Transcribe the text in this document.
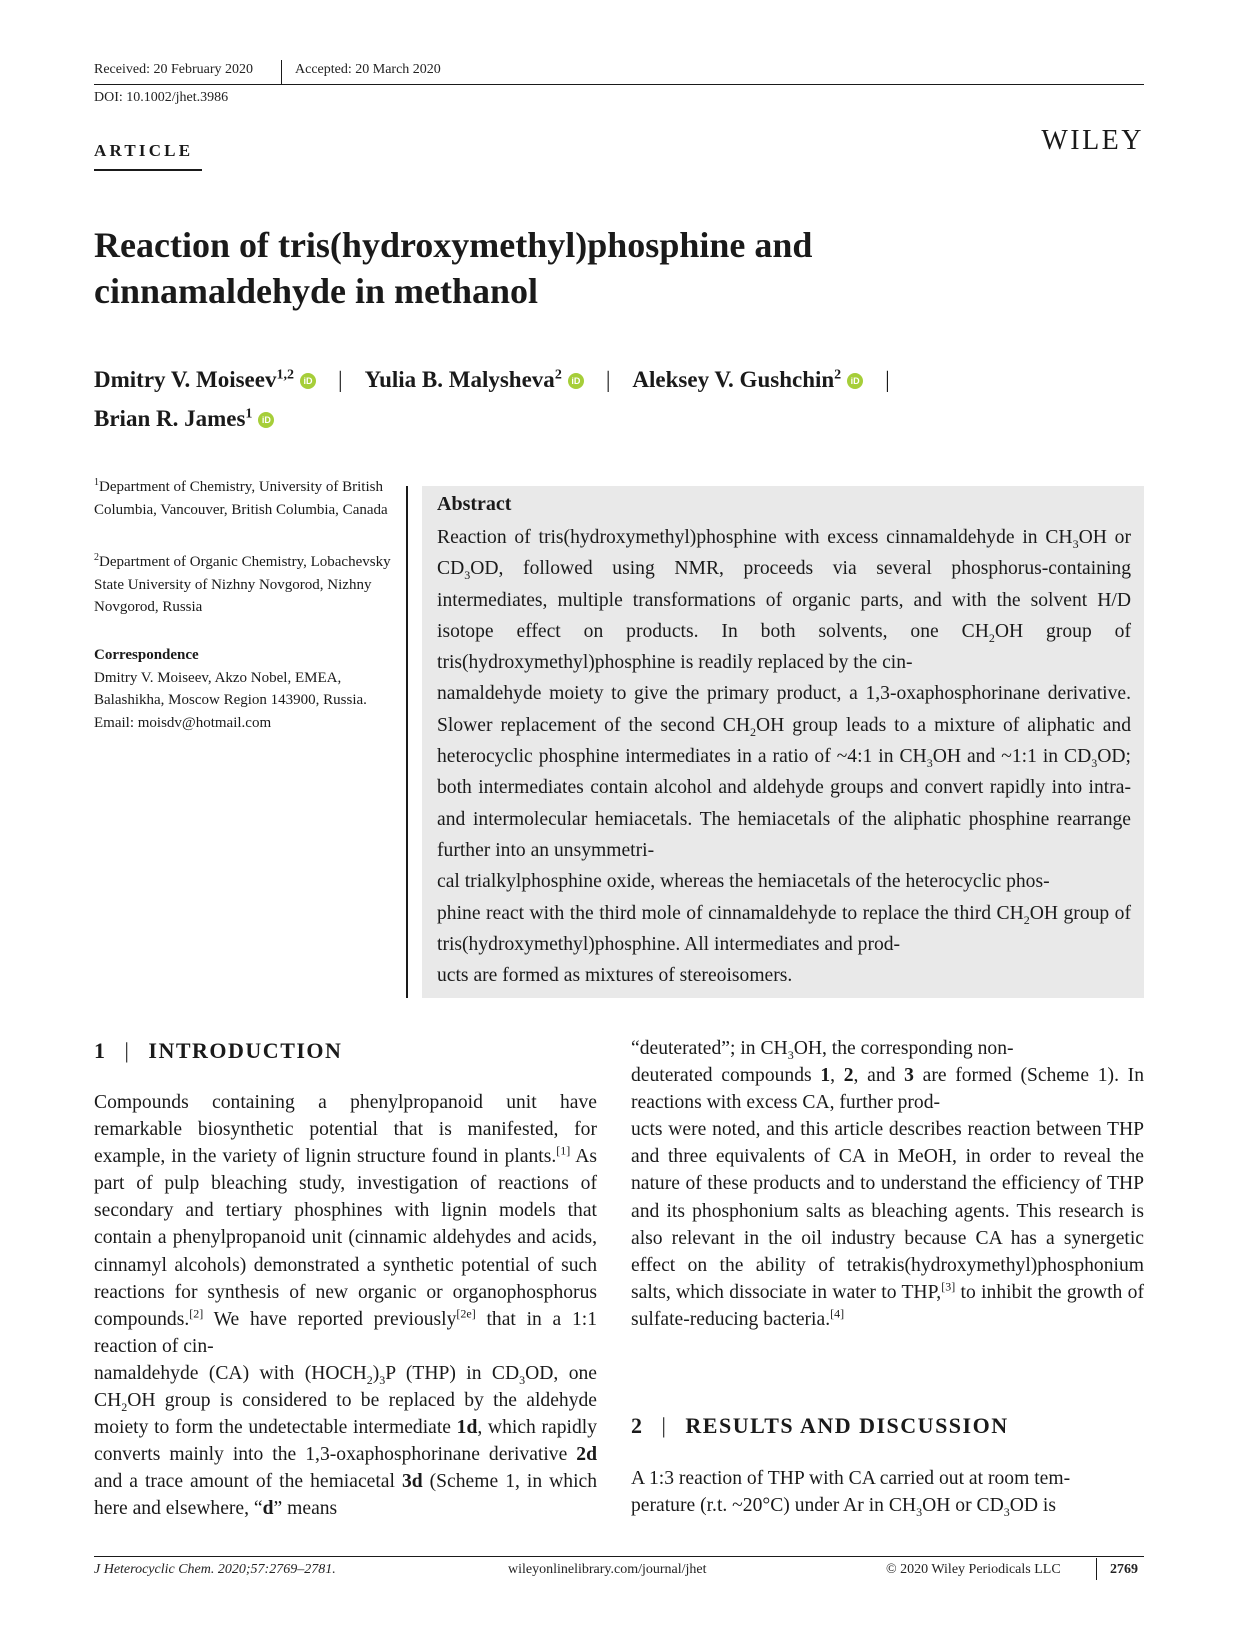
Received: 20 February 2020	Accepted: 20 March 2020
DOI: 10.1002/jhet.3986
ARTICLE	WILEY
Reaction of tris(hydroxymethyl)phosphine and cinnamaldehyde in methanol
Dmitry V. Moiseev$^{1,2}$ iD | Yulia B. Malysheva$^2$ iD | Aleksey V. Gushchin$^2$ iD |
Brian R. James$^1$ iD
$^1$Department of Chemistry, University of British Columbia, Vancouver, British Columbia, Canada
$^2$Department of Organic Chemistry, Lobachevsky State University of Nizhny Novgorod, Nizhny Novgorod, Russia
Correspondence
Dmitry V. Moiseev, Akzo Nobel, EMEA, Balashikha, Moscow Region 143900, Russia.
Email: moisdv@hotmail.com
Abstract
Reaction of tris(hydroxymethyl)phosphine with excess cinnamaldehyde in $CH_3OH$ or $CD_3OD$, followed using NMR, proceeds via several phosphorus-containing intermediates, multiple transformations of organic parts, and with the solvent H/D isotope effect on products. In both solvents, one $CH_2OH$ group of tris(hydroxymethyl)phosphine is readily replaced by the cin-
namaldehyde moiety to give the primary product, a 1,3-oxaphosphorinane derivative. Slower replacement of the second $CH_2OH$ group leads to a mixture of aliphatic and heterocyclic phosphine intermediates in a ratio of ~4:1 in $CH_3OH$ and ~1:1 in $CD_3OD$; both intermediates contain alcohol and aldehyde groups and convert rapidly into intra- and intermolecular hemiacetals. The hemiacetals of the aliphatic phosphine rearrange further into an unsymmetri-
cal trialkylphosphine oxide, whereas the hemiacetals of the heterocyclic phos-
phine react with the third mole of cinnamaldehyde to replace the third $CH_2OH$ group of tris(hydroxymethyl)phosphine. All intermediates and prod-
ucts are formed as mixtures of stereoisomers.
1 | INTRODUCTION
Compounds containing a phenylpropanoid unit have remarkable biosynthetic potential that is manifested, for example, in the variety of lignin structure found in plants.[1] As part of pulp bleaching study, investigation of reactions of secondary and tertiary phosphines with lignin models that contain a phenylpropanoid unit (cinnamic aldehydes and acids, cinnamyl alcohols) demonstrated a synthetic potential of such reactions for synthesis of new organic or organophosphorus compounds.[2] We have reported previously[2e] that in a 1:1 reaction of cin-
namaldehyde (CA) with $(HOCH_2)_3P$ (THP) in $CD_3OD$, one $CH_2OH$ group is considered to be replaced by the aldehyde moiety to form the undetectable intermediate 1d, which rapidly converts mainly into the 1,3-oxaphosphorinane derivative 2d and a trace amount of the hemiacetal 3d (Scheme 1, in which here and elsewhere, “d” means
“deuterated”; in $CH_3OH$, the corresponding non-
deuterated compounds 1, 2, and 3 are formed (Scheme 1). In reactions with excess CA, further prod-
ucts were noted, and this article describes reaction between THP and three equivalents of CA in MeOH, in order to reveal the nature of these products and to understand the efficiency of THP and its phosphonium salts as bleaching agents. This research is also relevant in the oil industry because CA has a synergetic effect on the ability of tetrakis(hydroxymethyl)phosphonium salts, which dissociate in water to THP,[3] to inhibit the growth of sulfate-reducing bacteria.[4]
2 | RESULTS AND DISCUSSION
A 1:3 reaction of THP with CA carried out at room tem-
perature (r.t. ~20°C) under Ar in $CH_3OH$ or $CD_3OD$ is
J Heterocyclic Chem. 2020;57:2769–2781.	wileyonlinelibrary.com/journal/jhet	© 2020 Wiley Periodicals LLC	2769
